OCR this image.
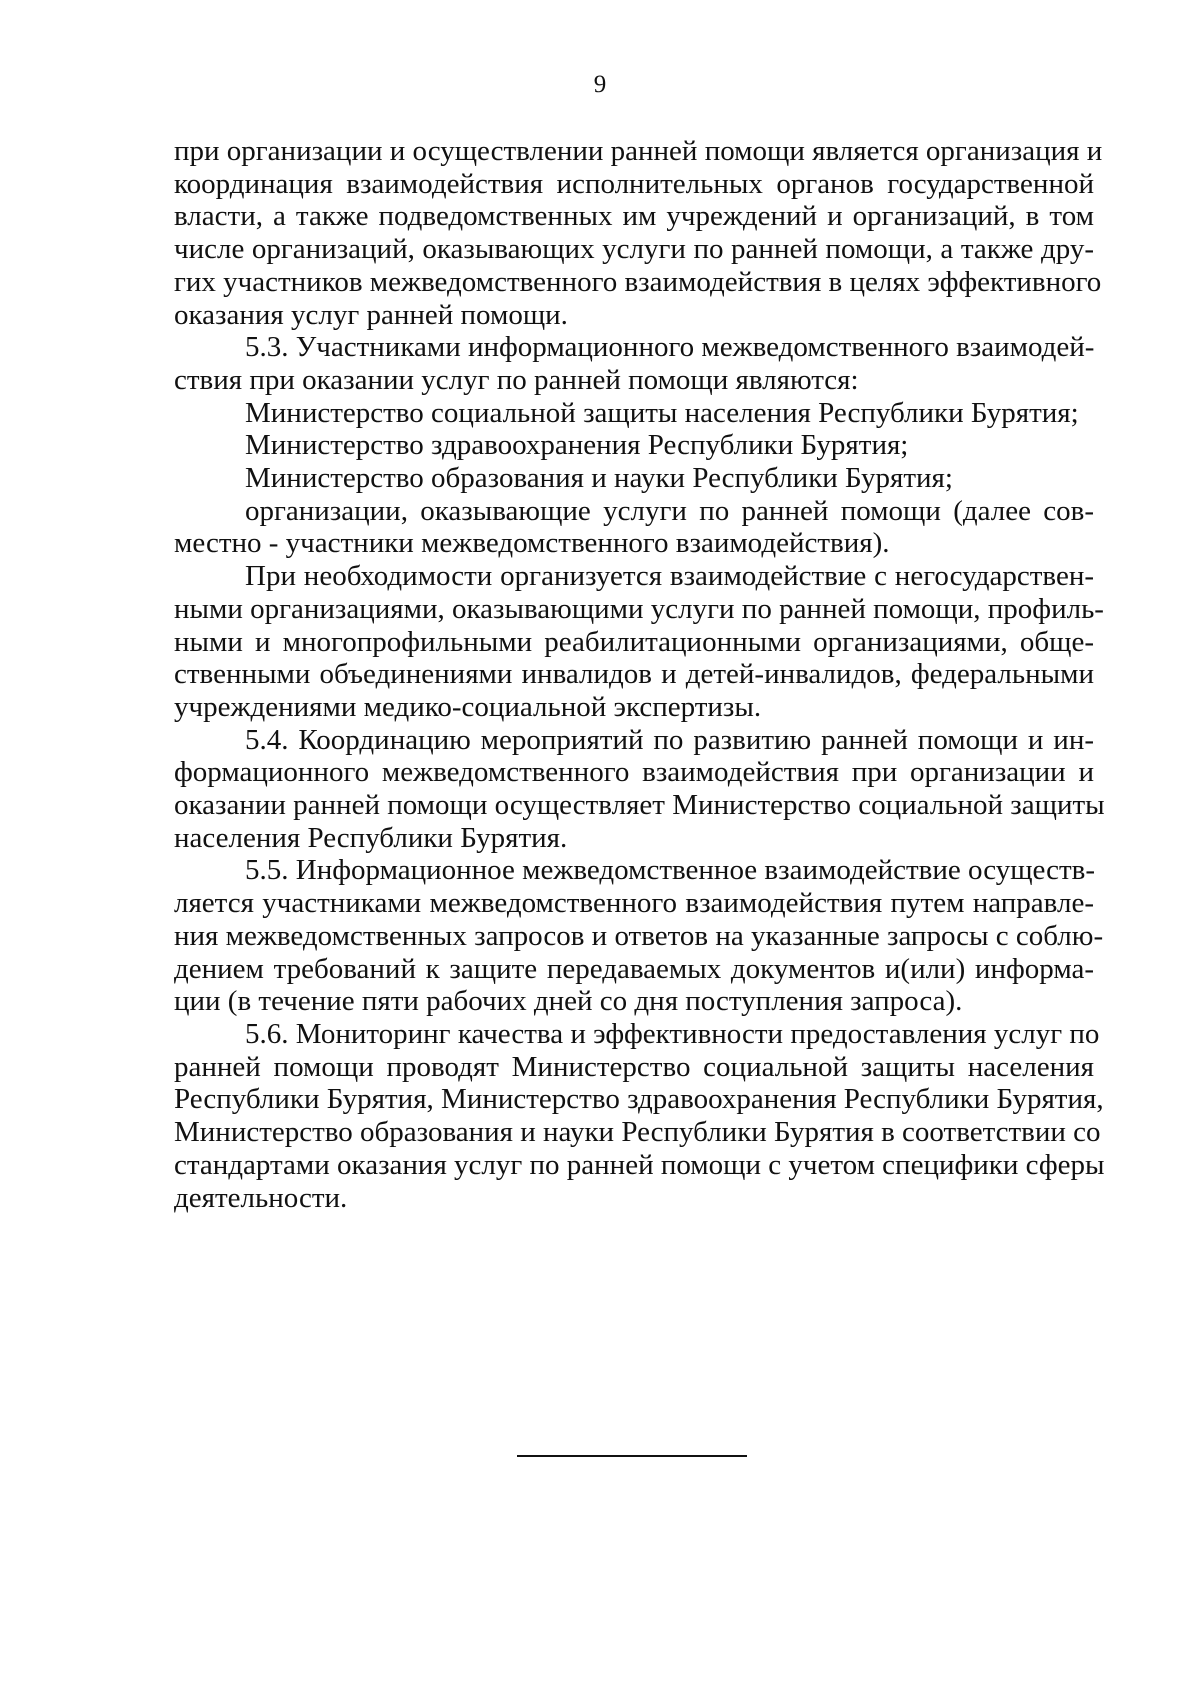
9
при организации и осуществлении ранней помощи является организация и
координация взаимодействия исполнительных органов государственной
власти, а также подведомственных им учреждений и организаций, в том
числе организаций, оказывающих услуги по ранней помощи, а также дру-
гих участников межведомственного взаимодействия в целях эффективного
оказания услуг ранней помощи.
5.3. Участниками информационного межведомственного взаимодей-
ствия при оказании услуг по ранней помощи являются:
Министерство социальной защиты населения Республики Бурятия;
Министерство здравоохранения Республики Бурятия;
Министерство образования и науки Республики Бурятия;
организации, оказывающие услуги по ранней помощи (далее сов-
местно - участники межведомственного взаимодействия).
При необходимости организуется взаимодействие с негосударствен-
ными организациями, оказывающими услуги по ранней помощи, профиль-
ными и многопрофильными реабилитационными организациями, обще-
ственными объединениями инвалидов и детей-инвалидов, федеральными
учреждениями медико-социальной экспертизы.
5.4. Координацию мероприятий по развитию ранней помощи и ин-
формационного межведомственного взаимодействия при организации и
оказании ранней помощи осуществляет Министерство социальной защиты
населения Республики Бурятия.
5.5. Информационное межведомственное взаимодействие осуществ-
ляется участниками межведомственного взаимодействия путем направле-
ния межведомственных запросов и ответов на указанные запросы с соблю-
дением требований к защите передаваемых документов и(или) информа-
ции (в течение пяти рабочих дней со дня поступления запроса).
5.6. Мониторинг качества и эффективности предоставления услуг по
ранней помощи проводят Министерство социальной защиты населения
Республики Бурятия, Министерство здравоохранения Республики Бурятия,
Министерство образования и науки Республики Бурятия в соответствии со
стандартами оказания услуг по ранней помощи с учетом специфики сферы
деятельности.
